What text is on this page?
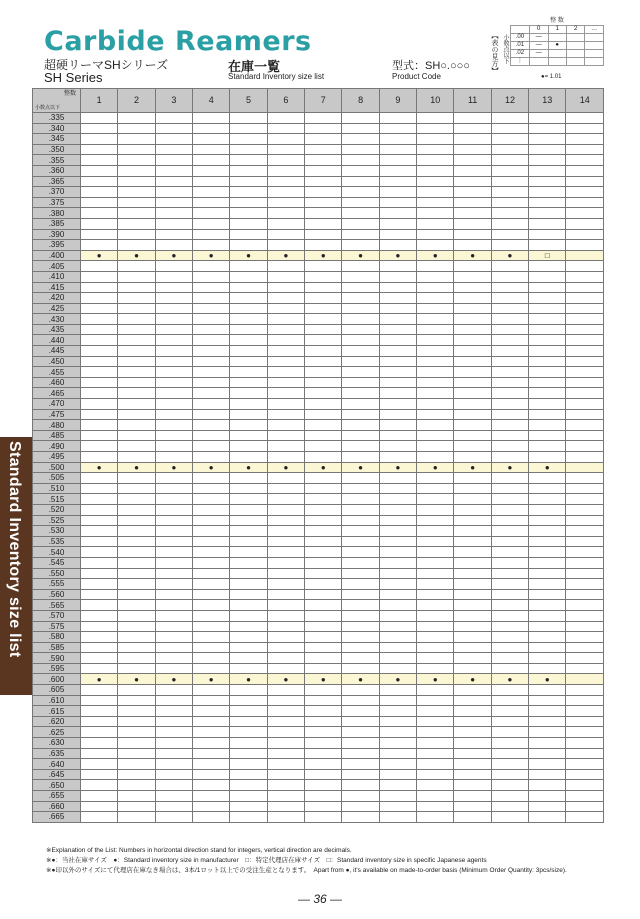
Carbide Reamers
超硬リーマSHシリーズ
SH Series
在庫一覧
Standard Inventory size list
型式：SH○.○○○
Product Code
【表の見方】 小数点以下
整 数				
	0	1	2	…
.00	—			
.01	—	●		
.02	—			
⋮				
●= 1.01
Standard Inventory size list
整数
小数点以下	1	2	3	4	5	6	7	8	9	10	11	12	13	14
.335														
.340														
.345														
.350														
.355														
.360														
.365														
.370														
.375														
.380														
.385														
.390														
.395														
.400	●	●	●	●	●	●	●	●	●	●	●	●	□	
.405														
.410														
.415														
.420														
.425														
.430														
.435														
.440														
.445														
.450														
.455														
.460														
.465														
.470														
.475														
.480														
.485														
.490														
.495														
.500	●	●	●	●	●	●	●	●	●	●	●	●	●	
.505														
.510														
.515														
.520														
.525														
.530														
.535														
.540														
.545														
.550														
.555														
.560														
.565														
.570														
.575														
.580														
.585														
.590														
.595														
.600	●	●	●	●	●	●	●	●	●	●	●	●	●	
.605														
.610														
.615														
.620														
.625														
.630														
.635														
.640														
.645														
.650														
.655														
.660														
.665														
※Explanation of the List: Numbers in horizontal direction stand for integers, vertical direction are decimals.
※●：当社在庫サイズ　●：Standard inventory size in manufacturer　□：特定代理店在庫サイズ　□：Standard inventory size in specific Japanese agents
※●印以外のサイズにて代理店在庫なき場合は、3本/1ロット以上での受注生産となります。　Apart from ●, it's available on made-to-order basis (Minimum Order Quantity: 3pcs/size).
— 36 —
